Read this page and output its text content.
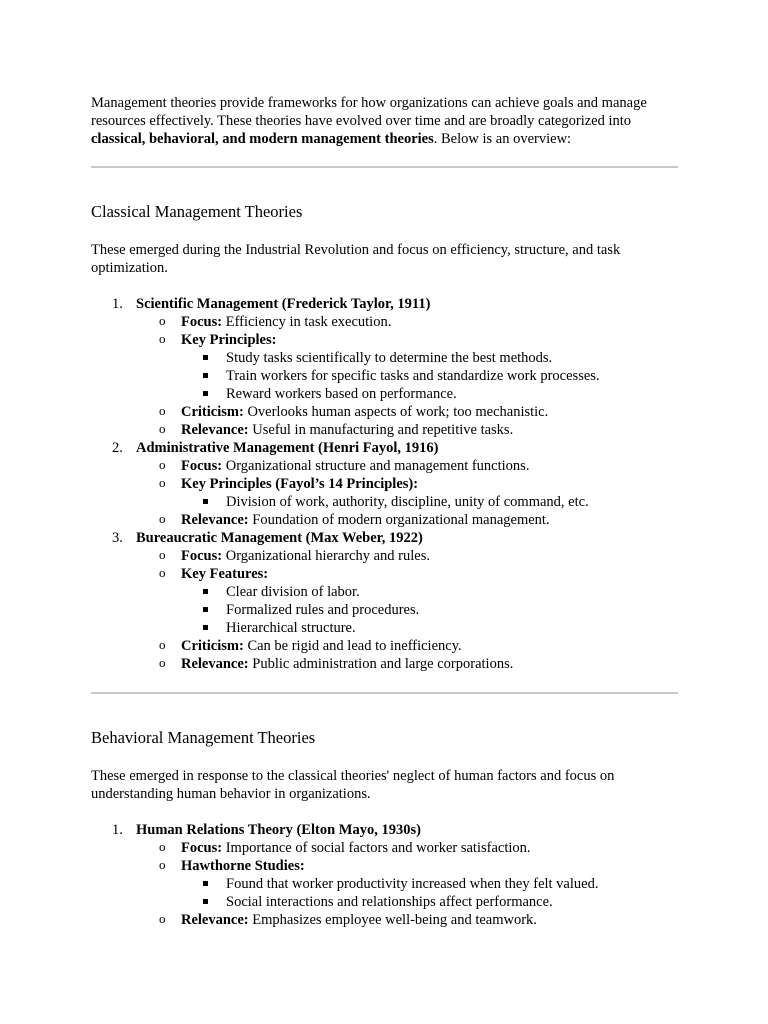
Management theories provide frameworks for how organizations can achieve goals and manage resources effectively. These theories have evolved over time and are broadly categorized into classical, behavioral, and modern management theories. Below is an overview:

Classical Management Theories

These emerged during the Industrial Revolution and focus on efficiency, structure, and task optimization.

1. Scientific Management (Frederick Taylor, 1911)
o Focus: Efficiency in task execution.
o Key Principles:
Study tasks scientifically to determine the best methods.
Train workers for specific tasks and standardize work processes.
Reward workers based on performance.
o Criticism: Overlooks human aspects of work; too mechanistic.
o Relevance: Useful in manufacturing and repetitive tasks.
2. Administrative Management (Henri Fayol, 1916)
o Focus: Organizational structure and management functions.
o Key Principles (Fayol’s 14 Principles):
Division of work, authority, discipline, unity of command, etc.
o Relevance: Foundation of modern organizational management.
3. Bureaucratic Management (Max Weber, 1922)
o Focus: Organizational hierarchy and rules.
o Key Features:
Clear division of labor.
Formalized rules and procedures.
Hierarchical structure.
o Criticism: Can be rigid and lead to inefficiency.
o Relevance: Public administration and large corporations.
Behavioral Management Theories

These emerged in response to the classical theories' neglect of human factors and focus on understanding human behavior in organizations.

1. Human Relations Theory (Elton Mayo, 1930s)
o Focus: Importance of social factors and worker satisfaction.
o Hawthorne Studies:
Found that worker productivity increased when they felt valued.
Social interactions and relationships affect performance.
o Relevance: Emphasizes employee well-being and teamwork.
